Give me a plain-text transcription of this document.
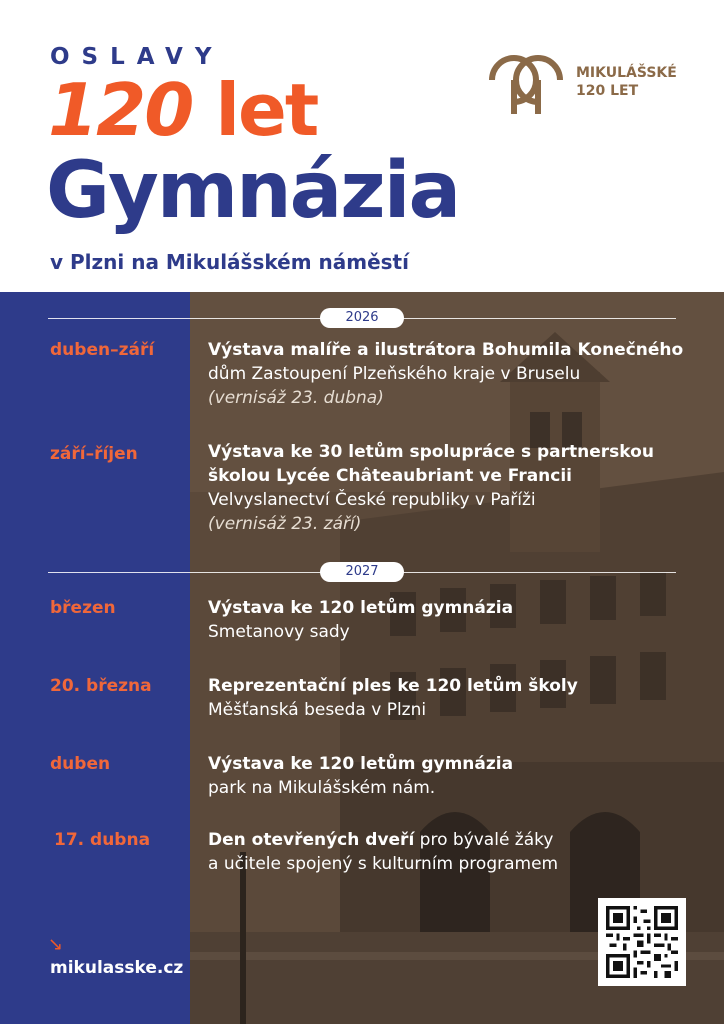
OSLAVY
120 let
Gymnázia
v Plzni na Mikulášském náměstí
MIKULÁŠSKÉ
120 LET
2026
duben–září	Výstava malíře a ilustrátora Bohumila Konečného
dům Zastoupení Plzeňského kraje v Bruselu
(vernisáž 23. dubna)
září–říjen	Výstava ke 30 letům spolupráce s partnerskou
školou Lycée Châteaubriant ve Francii
Velvyslanectví České republiky v Paříži
(vernisáž 23. září)
2027
březen	Výstava ke 120 letům gymnázia
Smetanovy sady
20. března	Reprezentační ples ke 120 letům školy
Měšťanská beseda v Plzni
duben	Výstava ke 120 letům gymnázia
park na Mikulášském nám.
17. dubna	Den otevřených dveří pro bývalé žáky
a učitele spojený s kulturním programem
↘
mikulasske.cz
